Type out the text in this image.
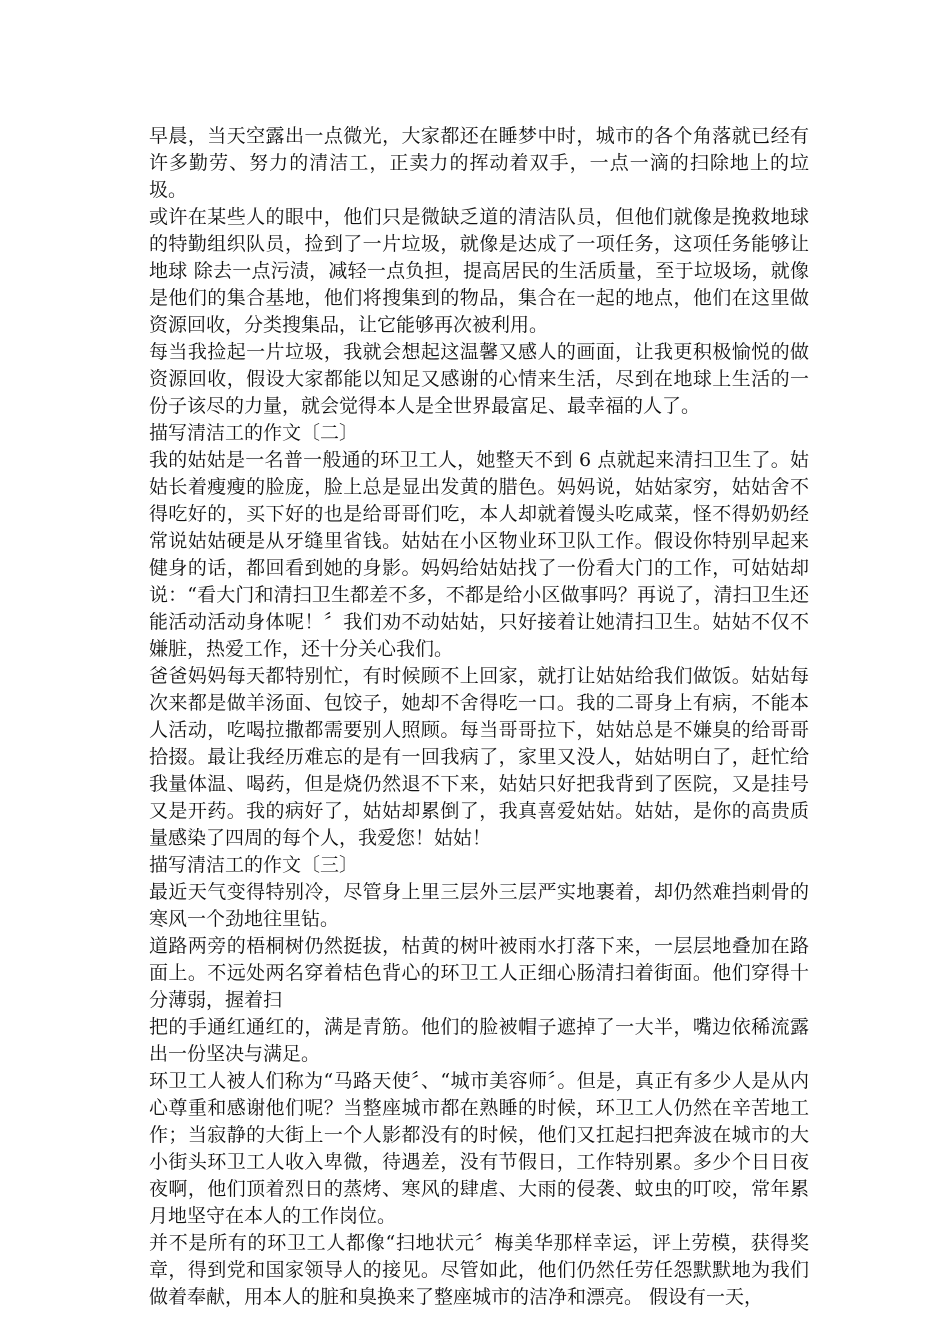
早晨，当天空露出一点微光，大家都还在睡梦中时，城市的各个角落就已经有许多勤劳、努力的清洁工，正卖力的挥动着双手，一点一滴的扫除地上的垃圾。

或许在某些人的眼中，他们只是微缺乏道的清洁队员，但他们就像是挽救地球的特勤组织队员，捡到了一片垃圾，就像是达成了一项任务，这项任务能够让地球 除去一点污渍，减轻一点负担，提高居民的生活质量，至于垃圾场，就像是他们的集合基地，他们将搜集到的物品，集合在一起的地点，他们在这里做资源回收，分类搜集品，让它能够再次被利用。

每当我捡起一片垃圾，我就会想起这温馨又感人的画面，让我更积极愉悦的做资源回收，假设大家都能以知足又感谢的心情来生活，尽到在地球上生活的一份子该尽的力量，就会觉得本人是全世界最富足、最幸福的人了。

描写清洁工的作文〔二〕

我的姑姑是一名普一般通的环卫工人，她整天不到 6 点就起来清扫卫生了。姑姑长着瘦瘦的脸庞，脸上总是显出发黄的腊色。妈妈说，姑姑家穷，姑姑舍不得吃好的，买下好的也是给哥哥们吃，本人却就着馒头吃咸菜，怪不得奶奶经常说姑姑硬是从牙缝里省钱。姑姑在小区物业环卫队工作。假设你特别早起来健身的话，都回看到她的身影。妈妈给姑姑找了一份看大门的工作，可姑姑却说：“看大门和清扫卫生都差不多，不都是给小区做事吗？再说了，清扫卫生还能活动活动身体呢！〞我们劝不动姑姑，只好接着让她清扫卫生。姑姑不仅不嫌脏，热爱工作，还十分关心我们。

爸爸妈妈每天都特别忙，有时候顾不上回家，就打让姑姑给我们做饭。姑姑每次来都是做羊汤面、包饺子，她却不舍得吃一口。我的二哥身上有病，不能本人活动，吃喝拉撒都需要别人照顾。每当哥哥拉下，姑姑总是不嫌臭的给哥哥拾掇。最让我经历难忘的是有一回我病了，家里又没人，姑姑明白了，赶忙给我量体温、喝药，但是烧仍然退不下来，姑姑只好把我背到了医院，又是挂号又是开药。我的病好了，姑姑却累倒了，我真喜爱姑姑。姑姑，是你的高贵质量感染了四周的每个人，我爱您！姑姑！

描写清洁工的作文〔三〕

最近天气变得特别冷，尽管身上里三层外三层严实地裹着，却仍然难挡刺骨的寒风一个劲地往里钻。

道路两旁的梧桐树仍然挺拔，枯黄的树叶被雨水打落下来，一层层地叠加在路面上。不远处两名穿着桔色背心的环卫工人正细心肠清扫着街面。他们穿得十分薄弱，握着扫

把的手通红通红的，满是青筋。他们的脸被帽子遮掉了一大半，嘴边依稀流露出一份坚决与满足。

环卫工人被人们称为“马路天使〞、“城市美容师〞。但是，真正有多少人是从内心尊重和感谢他们呢？当整座城市都在熟睡的时候，环卫工人仍然在辛苦地工作；当寂静的大街上一个人影都没有的时候，他们又扛起扫把奔波在城市的大小街头环卫工人收入卑微，待遇差，没有节假日，工作特别累。多少个日日夜夜啊，他们顶着烈日的蒸烤、寒风的肆虐、大雨的侵袭、蚊虫的叮咬，常年累月地坚守在本人的工作岗位。

并不是所有的环卫工人都像“扫地状元〞梅美华那样幸运，评上劳模，获得奖章，得到党和国家领导人的接见。尽管如此，他们仍然任劳任怨默默地为我们做着奉献，用本人的脏和臭换来了整座城市的洁净和漂亮。 假设有一天，
